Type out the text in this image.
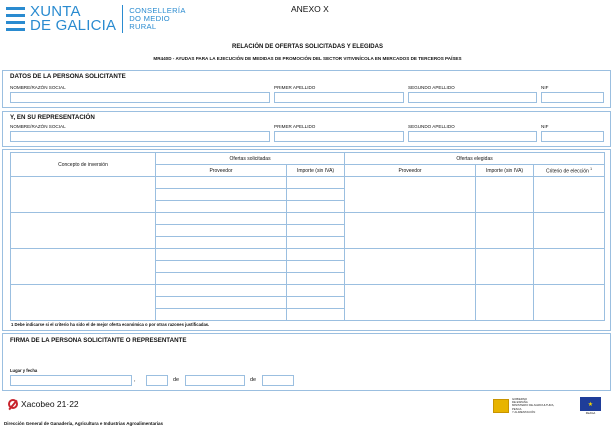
XUNTA
DE GALICIA
CONSELLERÍA
DO MEDIO
RURAL
ANEXO X
RELACIÓN DE OFERTAS SOLICITADAS Y ELEGIDAS
MR440D - AYUDAS PARA LA EJECUCIÓN DE MEDIDAS DE PROMOCIÓN DEL SECTOR VITIVINÍCOLA EN MERCADOS DE TERCEROS PAÍSES
DATOS DE LA PERSONA SOLICITANTE
NOMBRE/RAZÓN SOCIAL	PRIMER APELLIDO	SEGUNDO APELLIDO	NIF
Y, EN SU REPRESENTACIÓN
NOMBRE/RAZÓN SOCIAL	PRIMER APELLIDO	SEGUNDO APELLIDO	NIF
Concepto de inversión	Ofertas solicitadas		Ofertas elegidas		
	Proveedor	Importe (sin IVA)	Proveedor	Importe (sin IVA)	Criterio de elección $^1$

1 Debe indicarse si el criterio ha sido el de mejor oferta económica o por otras razones justificadas.
FIRMA DE LA PERSONA SOLICITANTE O REPRESENTANTE
Lugar y fecha
,	de	de
Xacobeo 21·22
GOBIERNO
DE ESPAÑA
MINISTERIO DE AGRICULTURA, PESCA
Y ALIMENTACIÓN
★
FEAGA
Dirección General de Ganadería, Agricultura e Industrias Agroalimentarias
